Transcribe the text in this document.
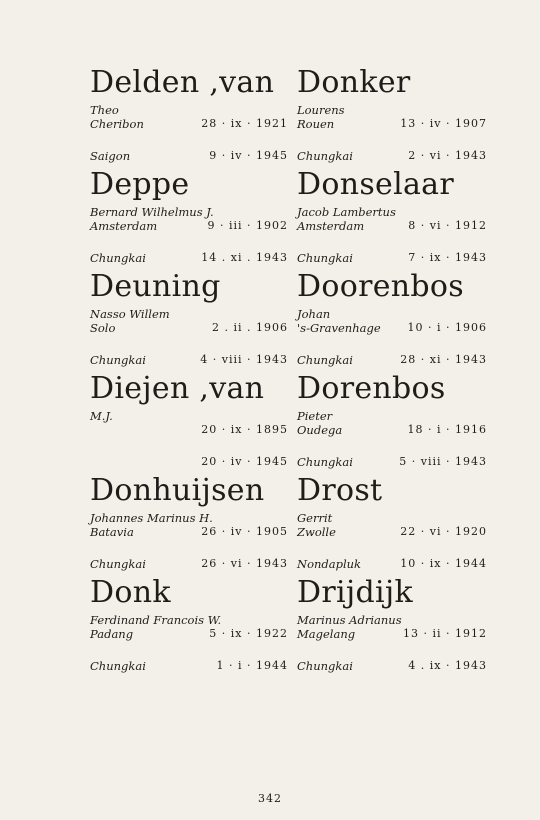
Delden ,van
Theo
Cheribon	28 · ix · 1921
Saigon	9 · iv · 1945
Deppe
Bernard Wilhelmus J.
Amsterdam	9 · iii · 1902
Chungkai	14 . xi . 1943
Deuning
Nasso Willem
Solo	2 . ii . 1906
Chungkai	4 · viii · 1943
Diejen ,van
M.J.
20 · ix · 1895
20 · iv · 1945
Donhuijsen
Johannes Marinus H.
Batavia	26 · iv · 1905
Chungkai	26 · vi · 1943
Donk
Ferdinand Francois W.
Padang	5 · ix · 1922
Chungkai	1 · i · 1944
Donker
Lourens
Rouen	13 · iv · 1907
Chungkai	2 · vi · 1943
Donselaar
Jacob Lambertus
Amsterdam	8 · vi · 1912
Chungkai	7 · ix · 1943
Doorenbos
Johan
's-Gravenhage 10 · i · 1906
Chungkai	28 · xi · 1943
Dorenbos
Pieter
Oudega	18 · i · 1916
Chungkai	5 · viii · 1943
Drost
Gerrit
Zwolle	22 · vi · 1920
Nondapluk	10 · ix · 1944
Drijdijk
Marinus Adrianus
Magelang	13 · ii · 1912
Chungkai	4 . ix · 1943
342
